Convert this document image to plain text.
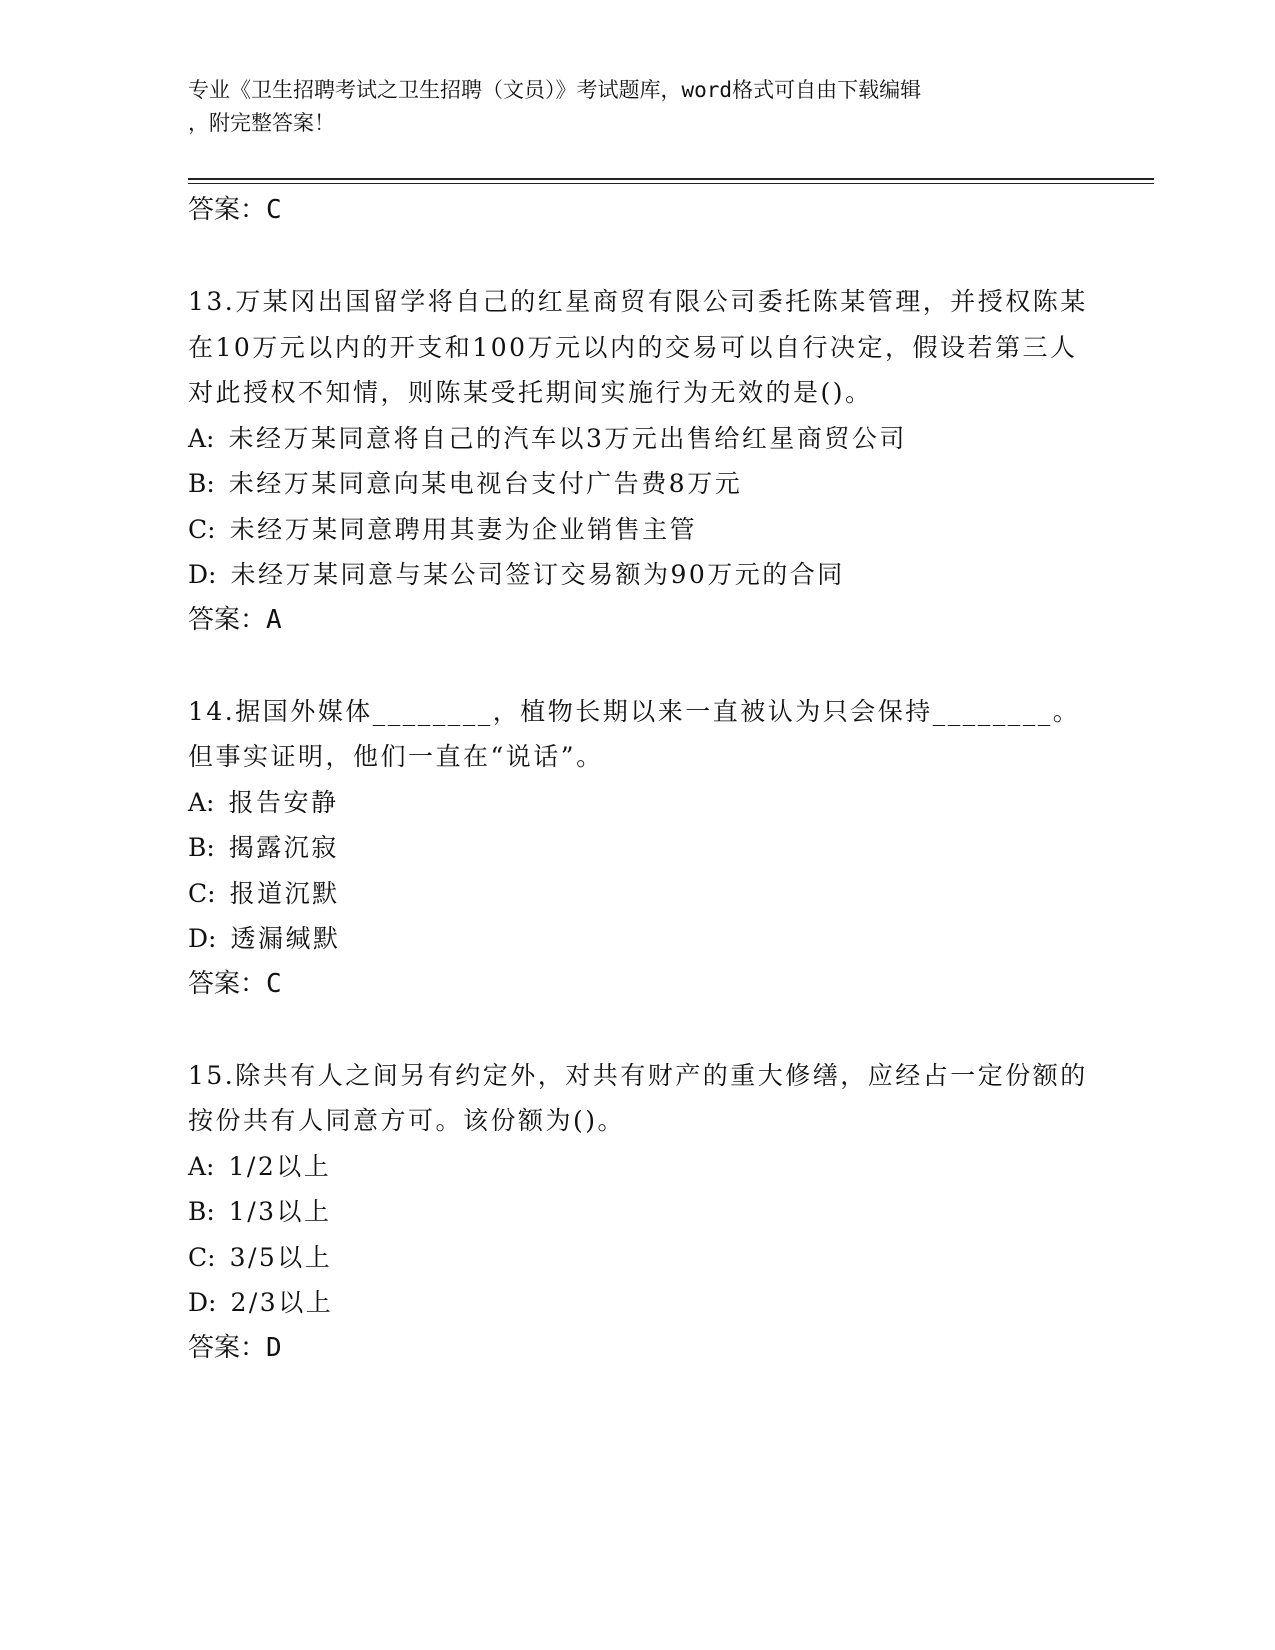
专业《卫生招聘考试之卫生招聘（文员）》考试题库，word格式可自由下载编辑
，附完整答案！

答案：C

13.万某冈出国留学将自己的红星商贸有限公司委托陈某管理，并授权陈某在10万元以内的开支和100万元以内的交易可以自行决定，假设若第三人对此授权不知情，则陈某受托期间实施行为无效的是()。

A: 未经万某同意将自己的汽车以3万元出售给红星商贸公司

B: 未经万某同意向某电视台支付广告费8万元

C: 未经万某同意聘用其妻为企业销售主管

D: 未经万某同意与某公司签订交易额为90万元的合同

答案：A

14.据国外媒体________，植物长期以来一直被认为只会保持________。但事实证明，他们一直在“说话”。

A: 报告安静

B: 揭露沉寂

C: 报道沉默

D: 透漏缄默

答案：C

15.除共有人之间另有约定外，对共有财产的重大修缮，应经占一定份额的按份共有人同意方可。该份额为()。

A: 1/2以上

B: 1/3以上

C: 3/5以上

D: 2/3以上

答案：D
